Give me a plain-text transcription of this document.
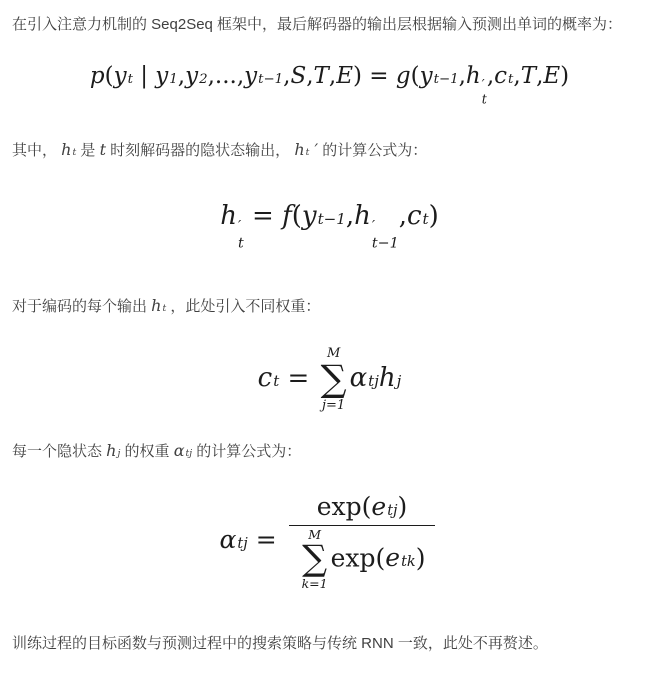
在引入注意力机制的 Seq2Seq 框架中，最后解码器的输出层根据输入预测出单词的概率为：

p ( y t | y 1 , y 2 ,..., y t−1 ,S,T,E) = g ( y t−1 , h ′
t
, c t ,T,E)

其中， h t 是 t 时刻解码器的隐状态输出， h t ′ 的计算公式为：

h ′
t
= f ( y t−1 , h ′
t−1
, c t )

对于编码的每个输出 h t ，此处引入不同权重：

c t =
M
∑
j=1
α tj h j

每一个隐状态 h j 的权重 α tj 的计算公式为：

α tj = exp( e tj )
M
∑
k=1
exp( e tk )

训练过程的目标函数与预测过程中的搜索策略与传统 RNN 一致，此处不再赘述。
